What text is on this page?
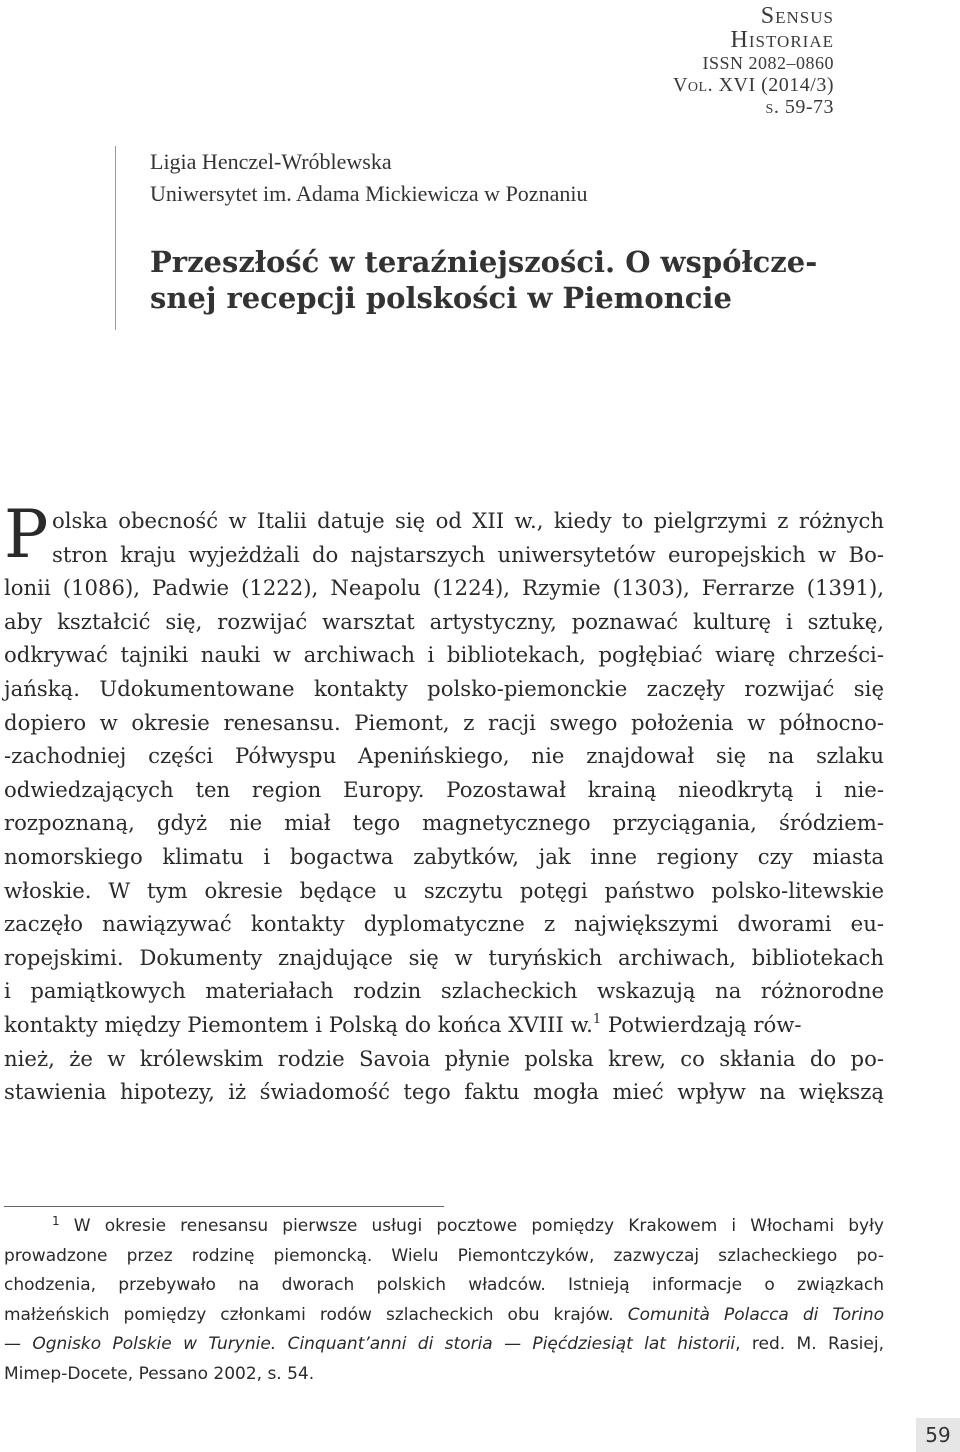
Sensus
Historiae
ISSN 2082–0860
Vol. XVI (2014/3)
s. 59-73
Ligia Henczel-Wróblewska
Uniwersytet im. Adama Mickiewicza w Poznaniu
Przeszłość w teraźniejszości. O współcze-
snej recepcji polskości w Piemoncie
P olska obecność w Italii datuje się od XII w., kiedy to pielgrzymi z różnych
stron kraju wyjeżdżali do najstarszych uniwersytetów europejskich w Bo-
lonii (1086), Padwie (1222), Neapolu (1224), Rzymie (1303), Ferrarze (1391),
aby kształcić się, rozwijać warsztat artystyczny, poznawać kulturę i sztukę,
odkrywać tajniki nauki w archiwach i bibliotekach, pogłębiać wiarę chrześci-
jańską. Udokumentowane kontakty polsko-piemonckie zaczęły rozwijać się
dopiero w okresie renesansu. Piemont, z racji swego położenia w północno-
-zachodniej części Półwyspu Apenińskiego, nie znajdował się na szlaku
odwiedzających ten region Europy. Pozostawał krainą nieodkrytą i nie-
rozpoznaną, gdyż nie miał tego magnetycznego przyciągania, śródziem-
nomorskiego klimatu i bogactwa zabytków, jak inne regiony czy miasta
włoskie. W tym okresie będące u szczytu potęgi państwo polsko-litewskie
zaczęło nawiązywać kontakty dyplomatyczne z największymi dworami eu-
ropejskimi. Dokumenty znajdujące się w turyńskich archiwach, bibliotekach
i pamiątkowych materiałach rodzin szlacheckich wskazują na różnorodne
kontakty między Piemontem i Polską do końca XVIII w.$^1$ Potwierdzają rów-
nież, że w królewskim rodzie Savoia płynie polska krew, co skłania do po-
stawienia hipotezy, iż świadomość tego faktu mogła mieć wpływ na większą
$^1$ W okresie renesansu pierwsze usługi pocztowe pomiędzy Krakowem i Włochami były
prowadzone przez rodzinę piemoncką. Wielu Piemontczyków, zazwyczaj szlacheckiego po-
chodzenia, przebywało na dworach polskich władców. Istnieją informacje o związkach
małżeńskich pomiędzy członkami rodów szlacheckich obu krajów. Comunità Polacca di Torino
— Ognisko Polskie w Turynie. Cinquant’anni di storia — Pięćdziesiąt lat historii, red. M. Rasiej,
Mimep-Docete, Pessano 2002, s. 54.
59
